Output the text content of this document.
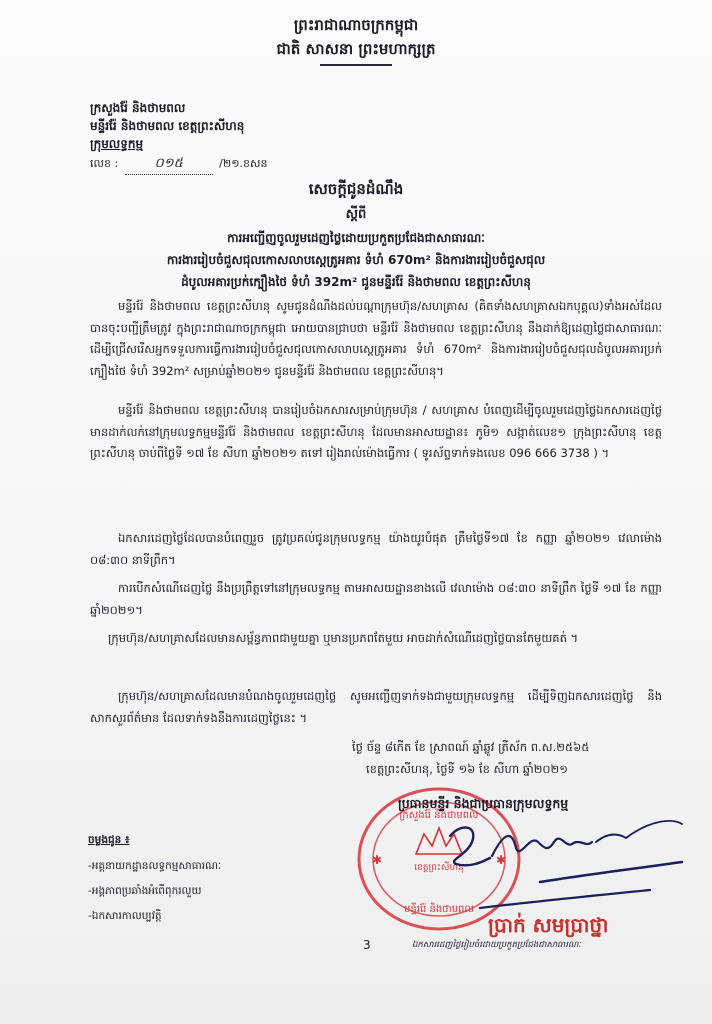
ព្រះរាជាណាចក្រកម្ពុជា
ជាតិ សាសនា ព្រះមហាក្សត្រ
ក្រសួងរ៉ែ និងថាមពល
មន្ទីររ៉ែ និងថាមពល ខេត្តព្រះសីហនុ
ក្រុមលទ្ធកម្ម
លេខ :	០១៥	/២១.ខសន
សេចក្តីជូនដំណឹង
ស្តីពី
ការអញ្ជើញចូលរួមដេញថ្លៃដោយប្រកួតប្រជែងជាសាធារណៈ
ការងាររៀបចំជួសជុលកោសលាបស្តេត្រូអគារ ទំហំ 670m² និងការងាររៀបចំជួសជុល
ដំបូលអគារប្រក់ក្បឿងថៃ ទំហំ 392m² ជូនមន្ទីររ៉ែ និងថាមពល ខេត្តព្រះសីហនុ
មន្ទីររ៉ែ និងថាមពល ខេត្តព្រះសីហនុ សូមជូនដំណឹងដល់បណ្តាក្រុមហ៊ុន/សហគ្រាស (គិតទាំងសហគ្រាសឯកបុគ្គល)ទាំងអស់ដែលបានចុះបញ្ជីត្រឹមត្រូវ ក្នុងព្រះរាជាណាចក្រកម្ពុជា អោយបានជ្រាបថា មន្ទីររ៉ែ និងថាមពល ខេត្តព្រះសីហនុ នឹងដាក់ឱ្យដេញថ្លៃជាសាធារណៈដើម្បីជ្រើសរើសអ្នកទទួលការធ្វើការងាររៀបចំជួសជុលកោសលាបស្តេត្រូអគារ ទំហំ 670m² និងការងាររៀបចំជួសជុលដំបូលអគារប្រក់ក្បឿងថៃ ទំហំ 392m² សម្រាប់ឆ្នាំ២០២១ ជូនមន្ទីររ៉ែ និងថាមពល ខេត្តព្រះសីហនុ។
មន្ទីររ៉ែ និងថាមពល ខេត្តព្រះសីហនុ បានរៀបចំឯកសារសម្រាប់ក្រុមហ៊ុន / សហគ្រាស បំពេញដើម្បីចូលរួមដេញថ្លៃឯកសារដេញថ្លៃ មានដាក់លក់នៅក្រុមលទ្ធកម្មមន្ទីររ៉ែ និងថាមពល ខេត្តព្រះសីហនុ ដែលមានអាសយដ្ឋាន៖ ភូមិ១ សង្កាត់លេខ១ ក្រុងព្រះសីហនុ ខេត្តព្រះសីហនុ ចាប់ពីថ្ងៃទី ១៧ ខែ សីហា ឆ្នាំ២០២១ តទៅ រៀងរាល់ម៉ោងធ្វើការ ( ទូរស័ព្ទទាក់ទងលេខ 096 666 3738 ) ។
ឯកសារដេញថ្លៃដែលបានបំពេញរួច ត្រូវប្រគល់ជូនក្រុមលទ្ធកម្ម យ៉ាងយូរបំផុត ត្រឹមថ្ងៃទី១៧ ខែ កញ្ញា ឆ្នាំ២០២១ វេលាម៉ោង ០៨:៣០ នាទីព្រឹក។
ការបើកសំណើដេញថ្លៃ នឹងប្រព្រឹត្តទៅនៅក្រុមលទ្ធកម្ម តាមអាសយដ្ឋានខាងលើ វេលាម៉ោង ០៨:៣០ នាទីព្រឹក ថ្ងៃទី ១៧ ខែ កញ្ញា ឆ្នាំ២០២១។
ក្រុមហ៊ុន/សហគ្រាសដែលមានសម្ព័ន្ធភាពជាមួយគ្នា ឬមានប្រភពតែមួយ អាចដាក់សំណើដេញថ្លៃបានតែមួយគត់ ។
ក្រុមហ៊ុន/សហគ្រាសដែលមានបំណងចូលរួមដេញថ្លៃ សូមអញ្ជើញទាក់ទងជាមួយក្រុមលទ្ធកម្ម ដើម្បីទិញឯកសារដេញថ្លៃ និងសាកសួរព័ត៌មាន ដែលទាក់ទងនឹងការដេញថ្លៃនេះ ។
ថ្ងៃ ច័ន្ទ ៨កើត ខែ ស្រាពណ៍ ឆ្នាំឆ្លូវ ត្រីស័ក ព.ស.២៥៦៥
ខេត្តព្រះសីហនុ, ថ្ងៃទី ១៦ ខែ សីហា ឆ្នាំ២០២១
ក្រសួងរ៉ែ និងថាមពល
មន្ទីររ៉ែ និងថាមពល
ខេត្តព្រះសីហនុ
✱	✱
ប្រធានមន្ទីរ និងជាប្រធានក្រុមលទ្ធកម្ម
ប្រាក់ សមប្រាថ្នា
ឯកសារដេញថ្លៃរៀបចំដោយប្រកួតប្រជែងជាសាធារណៈ
ចម្លងជូន ៖
-អគ្គនាយកដ្ឋានលទ្ធកម្មសាធារណៈ
-អង្គភាពប្រឆាំងអំពើពុករលួយ
-ឯកសារកាលប្បវត្តិ
3
